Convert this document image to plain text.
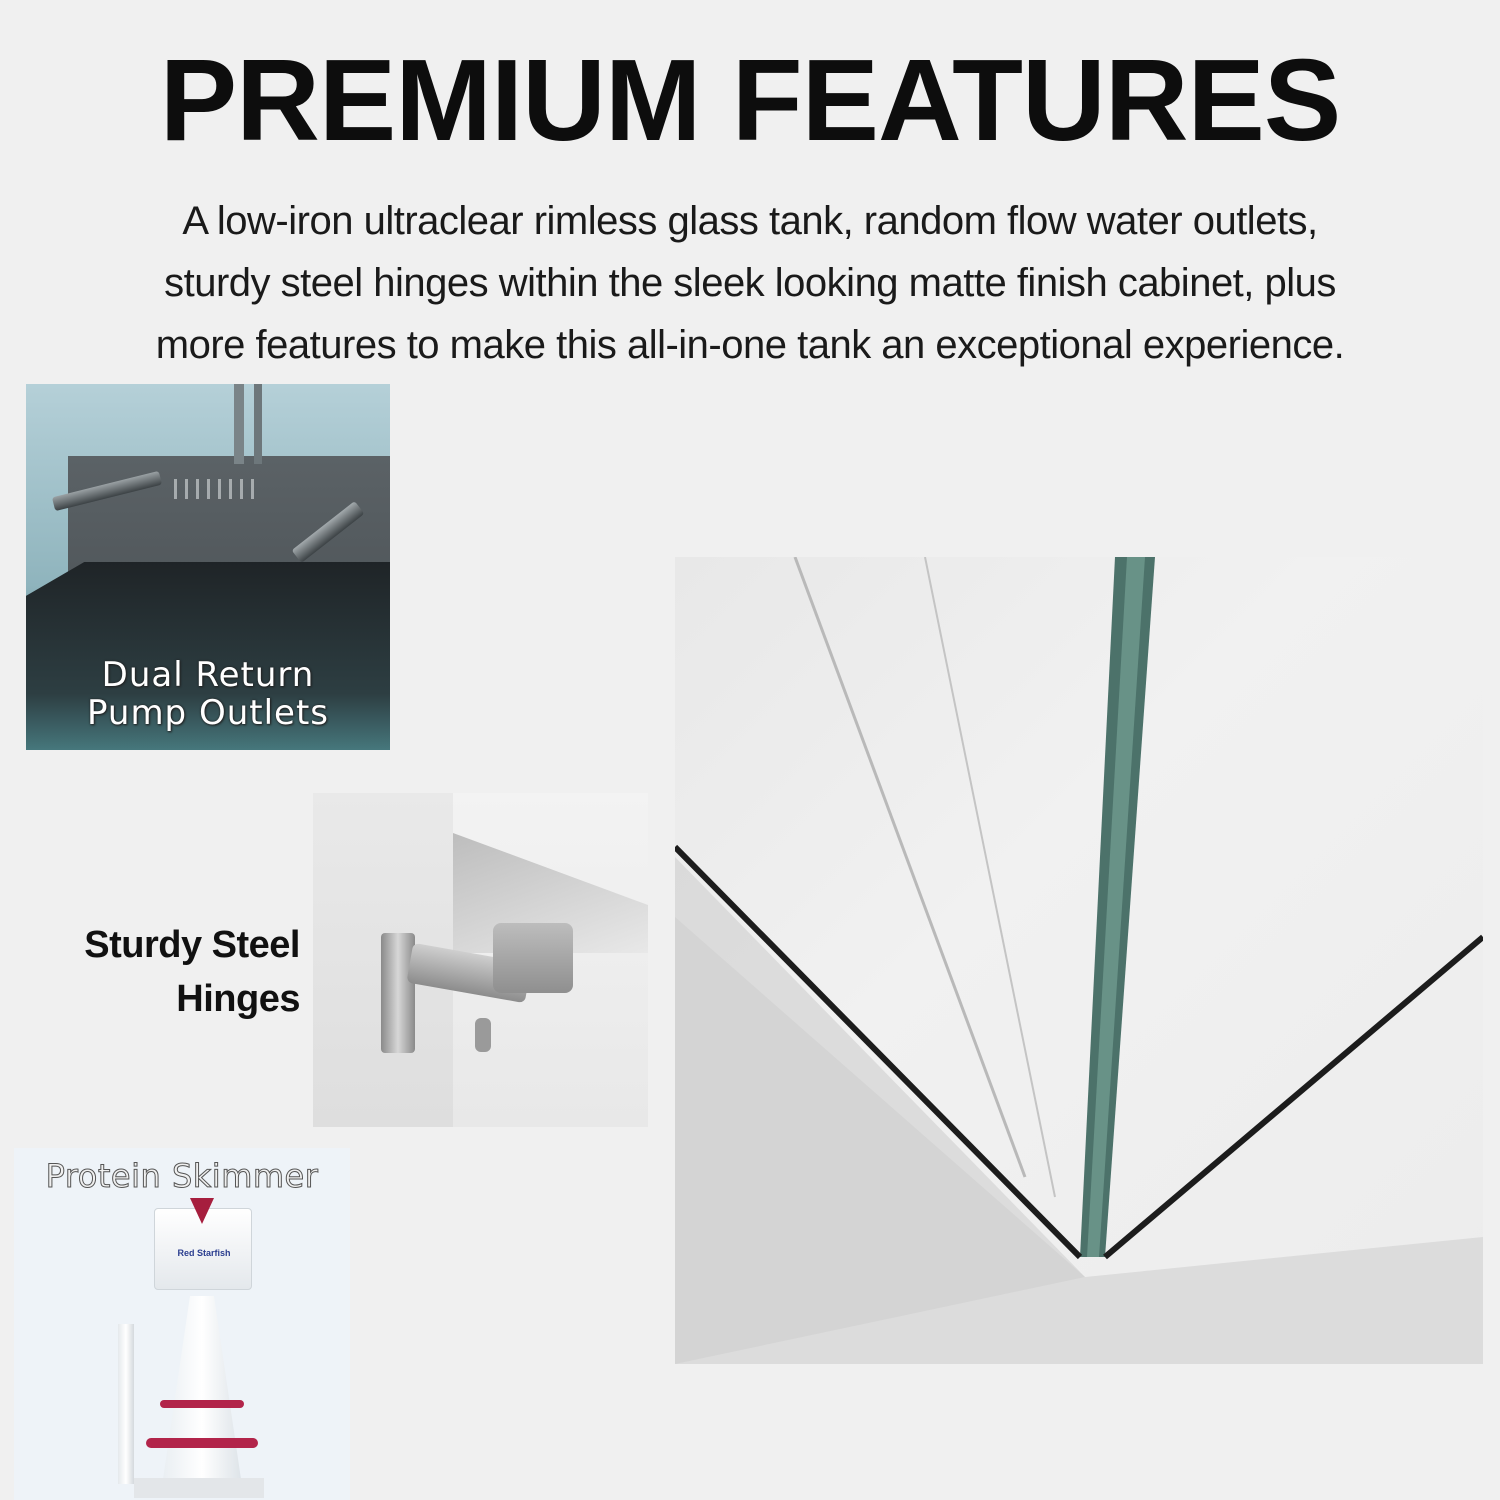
PREMIUM FEATURES
A low-iron ultraclear rimless glass tank, random flow water outlets,
sturdy steel hinges within the sleek looking matte finish cabinet, plus
more features to make this all-in-one tank an exceptional experience.
Dual Return
Pump Outlets
Sturdy Steel
Hinges
Protein Skimmer
Red Starfish
